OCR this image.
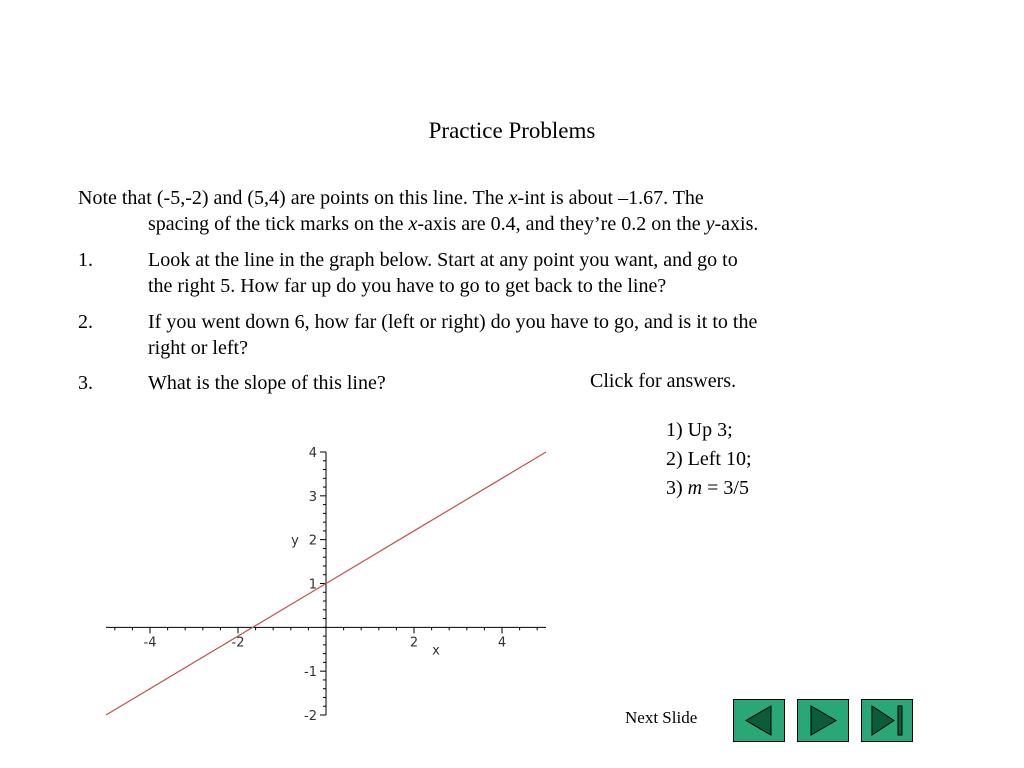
Practice Problems
Note that (-5,-2) and (5,4) are points on this line. The x-int is about –1.67. The
spacing of the tick marks on the x-axis are 0.4, and they’re 0.2 on the y-axis.
1.	Look at the line in the graph below. Start at any point you want, and go to
the right 5. How far up do you have to go to get back to the line?
2.	If you went down 6, how far (left or right) do you have to go, and is it to the
right or left?
3.	What is the slope of this line?	Click for answers.
1) Up 3;
2) Left 10;
3) m = 3/5
-4	-2	2	4
-2
-1
1
2
3
4
x
y
Next Slide
